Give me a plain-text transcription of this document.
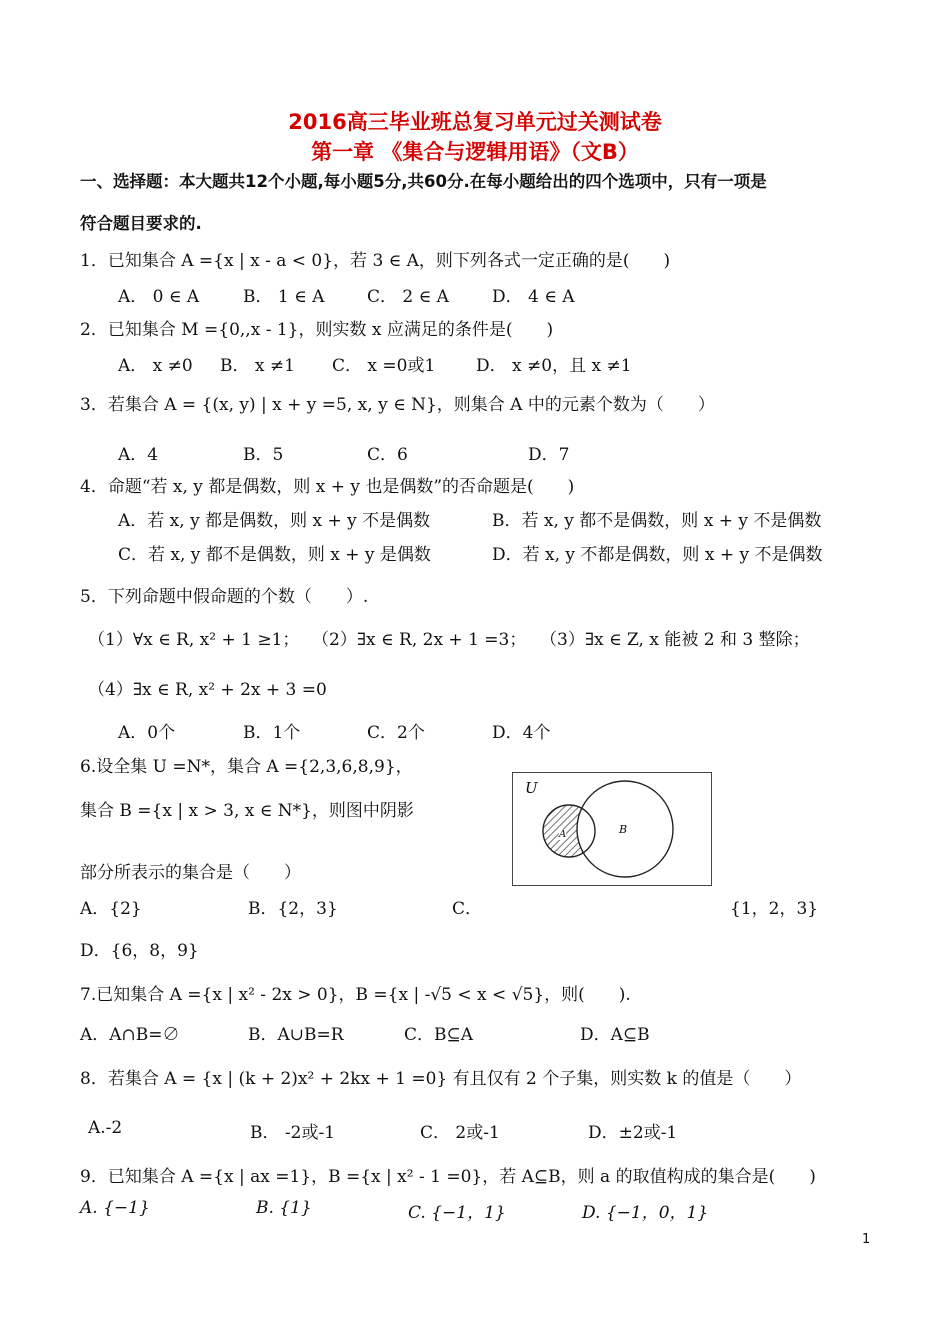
2016高三毕业班总复习单元过关测试卷
第一章 《集合与逻辑用语》（文B）
一、选择题：本大题共12个小题,每小题5分,共60分.在每小题给出的四个选项中，只有一项是
符合题目要求的.
1．已知集合 A ={x | x - a < 0}，若 3 ∈ A，则下列各式一定正确的是(　　)
A． 0 ∈ A	B． 1 ∈ A	C． 2 ∈ A	D． 4 ∈ A
2．已知集合 M ={0,,x - 1}，则实数 x 应满足的条件是(　　)
A． x ≠0 B． x ≠1 C． x =0或1 D． x ≠0，且 x ≠1
3．若集合 A = {(x, y) | x + y =5, x, y ∈ N}，则集合 A 中的元素个数为（　　）
A．4	B．5	C．6	D．7
4．命题“若 x, y 都是偶数，则 x + y 也是偶数”的否命题是(　　)
A．若 x, y 都是偶数，则 x + y 不是偶数	B．若 x, y 都不是偶数，则 x + y 不是偶数
C．若 x, y 都不是偶数，则 x + y 是偶数	D．若 x, y 不都是偶数，则 x + y 不是偶数
5．下列命题中假命题的个数（　　）.
（1）∀x ∈ R, x² + 1 ≥1； （2）∃x ∈ R, 2x + 1 =3； （3）∃x ∈ Z, x 能被 2 和 3 整除；
（4）∃x ∈ R, x² + 2x + 3 =0
A．0个	B．1个	C．2个	D．4个
6.设全集 U =N*，集合 A ={2,3,6,8,9}，
集合 B ={x | x > 3, x ∈ N*}，则图中阴影
部分所表示的集合是（　　）
U
A	B
A．{2}	B．{2，3}	C．	{1，2，3}
D．{6，8，9}
7.已知集合 A ={x | x² - 2x > 0}，B ={x | -√5 < x < √5}，则(　　).
A．A∩B=∅	B．A∪B=R	C．B⊆A	D．A⊆B
8．若集合 A = {x | (k + 2)x² + 2kx + 1 =0} 有且仅有 2 个子集，则实数 k 的值是（　　）
A.-2	B． -2或-1	C． 2或-1	D．±2或-1
9．已知集合 A ={x | ax =1}，B ={x | x² - 1 =0}，若 A⊆B，则 a 的取值构成的集合是(　　)
A. {−1}	B. {1}	C. {−1，1}	D. {−1，0，1}
1
